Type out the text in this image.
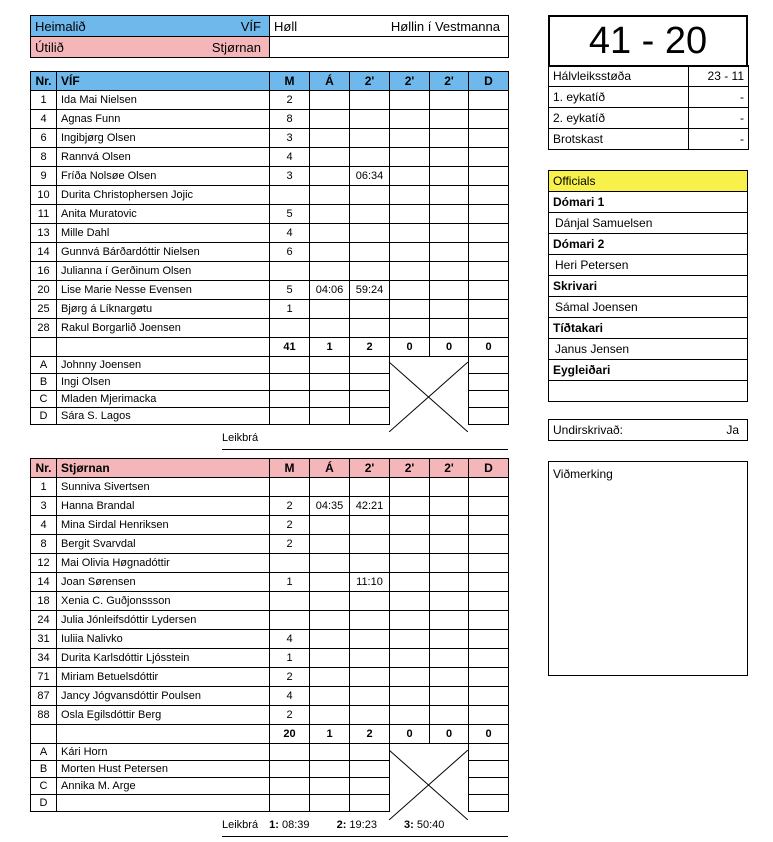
Heimalið VÍF	Høll Høllin í Vestmanna

Útilið Stjørnan	

Nr.	VÍF	M	Á	2'	2'	2'	D
1	Ida Mai Nielsen	2					
4	Agnas Funn	8					
6	Ingibjørg Olsen	3					
8	Rannvá Olsen	4					
9	Fríða Nolsøe Olsen	3		06:34			
10	Durita Christophersen Jojic						
11	Anita Muratovic	5					
13	Mille Dahl	4					
14	Gunnvá Bárðardóttir Nielsen	6					
16	Julianna í Gerðinum Olsen						
20	Lise Marie Nesse Evensen	5	04:06	59:24			
25	Bjørg á Líknargøtu	1					
28	Rakul Borgarlið Joensen						
		41	1	2	0	0	0
A	Johnny Joensen						
B	Ingi Olsen						
C	Mladen Mjerimacka						
D	Sára S. Lagos						
Leikbrá
Nr.	Stjørnan	M	Á	2'	2'	2'	D
1	Sunniva Sivertsen						
3	Hanna Brandal	2	04:35	42:21			
4	Mina Sirdal Henriksen	2					
8	Bergit Svarvdal	2					
12	Mai Olivia Høgnadóttir						
14	Joan Sørensen	1		11:10			
18	Xenia C. Guðjonssson						
24	Julia Jónleifsdóttir Lydersen						
31	Iuliia Nalivko	4					
34	Durita Karlsdóttir Ljósstein	1					
71	Miriam Betuelsdóttir	2					
87	Jancy Jógvansdóttir Poulsen	4					
88	Osla Egilsdóttir Berg	2					
		20	1	2	0	0	0
A	Kári Horn						
B	Morten Hust Petersen						
C	Annika M. Arge						
D							
Leikbrá 1: 08:39 2: 19:23 3: 50:40
41 - 20
Hálvleiksstøða	23 - 11
1. eykatíð	-
2. eykatíð	-
Brotskast	-
Officials
Dómari 1
Dánjal Samuelsen
Dómari 2
Heri Petersen
Skrivari
Sámal Joensen
Tíðtakari
Janus Jensen
Eygleiðari

Undirskrivað:	Ja
Viðmerking
